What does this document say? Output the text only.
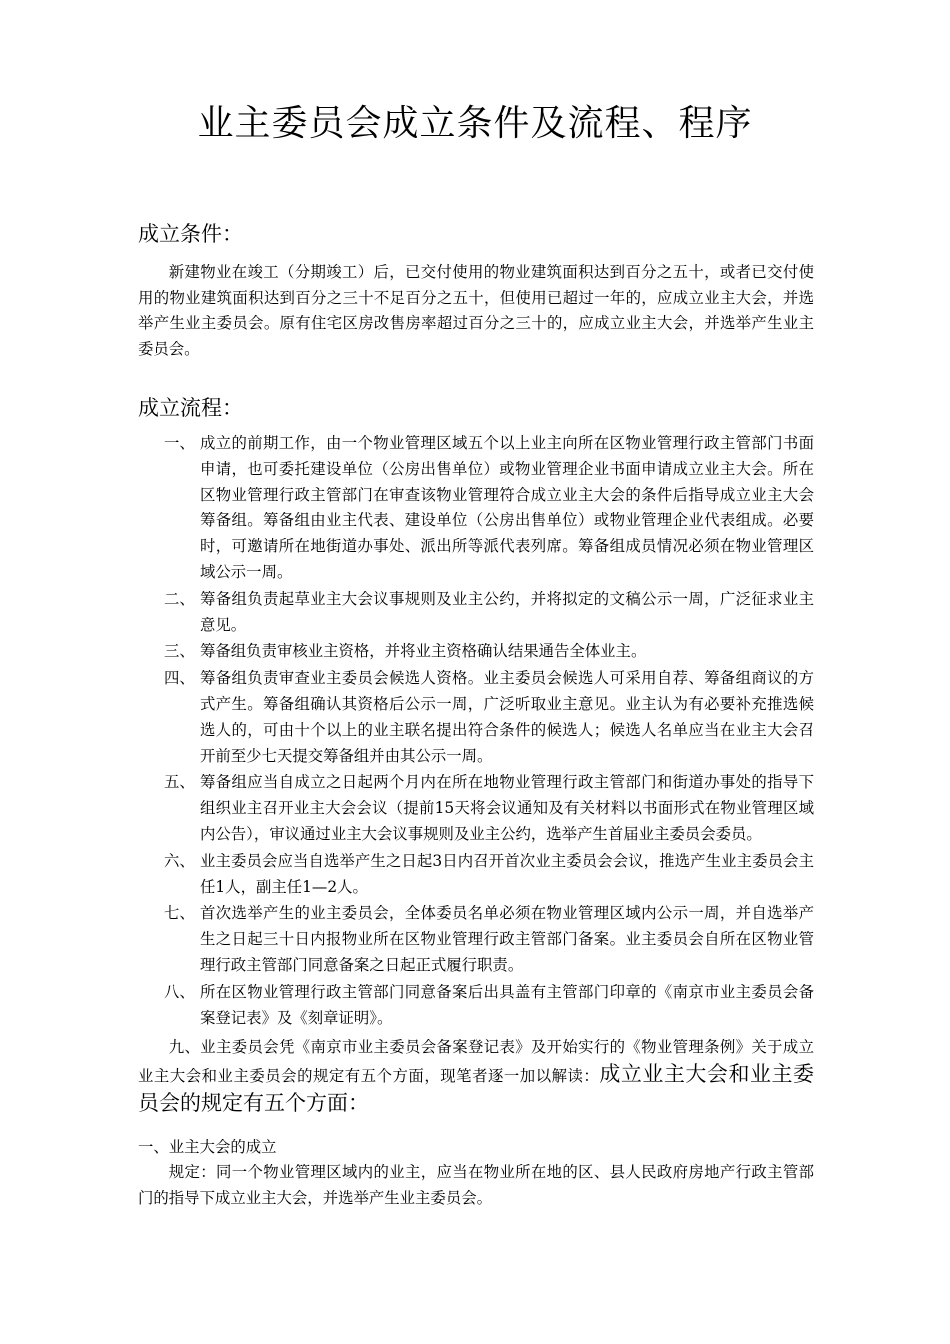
业主委员会成立条件及流程、程序
成立条件：
新建物业在竣工（分期竣工）后，已交付使用的物业建筑面积达到百分之五十，或者已交付使用的物业建筑面积达到百分之三十不足百分之五十，但使用已超过一年的，应成立业主大会，并选举产生业主委员会。原有住宅区房改售房率超过百分之三十的，应成立业主大会，并选举产生业主委员会。
成立流程：
一、 成立的前期工作，由一个物业管理区域五个以上业主向所在区物业管理行政主管部门书面申请，也可委托建设单位（公房出售单位）或物业管理企业书面申请成立业主大会。所在区物业管理行政主管部门在审查该物业管理符合成立业主大会的条件后指导成立业主大会筹备组。筹备组由业主代表、建设单位（公房出售单位）或物业管理企业代表组成。必要时，可邀请所在地街道办事处、派出所等派代表列席。筹备组成员情况必须在物业管理区域公示一周。
二、 筹备组负责起草业主大会议事规则及业主公约，并将拟定的文稿公示一周，广泛征求业主意见。
三、 筹备组负责审核业主资格，并将业主资格确认结果通告全体业主。
四、 筹备组负责审查业主委员会候选人资格。业主委员会候选人可采用自荐、筹备组商议的方式产生。筹备组确认其资格后公示一周，广泛听取业主意见。业主认为有必要补充推选候选人的，可由十个以上的业主联名提出符合条件的候选人；候选人名单应当在业主大会召开前至少七天提交筹备组并由其公示一周。
五、 筹备组应当自成立之日起两个月内在所在地物业管理行政主管部门和街道办事处的指导下组织业主召开业主大会会议（提前15天将会议通知及有关材料以书面形式在物业管理区域内公告），审议通过业主大会议事规则及业主公约，选举产生首届业主委员会委员。
六、 业主委员会应当自选举产生之日起3日内召开首次业主委员会会议，推选产生业主委员会主任1人，副主任1—2人。
七、 首次选举产生的业主委员会，全体委员名单必须在物业管理区域内公示一周，并自选举产生之日起三十日内报物业所在区物业管理行政主管部门备案。业主委员会自所在区物业管理行政主管部门同意备案之日起正式履行职责。
八、 所在区物业管理行政主管部门同意备案后出具盖有主管部门印章的《南京市业主委员会备案登记表》及《刻章证明》。
九、业主委员会凭《南京市业主委员会备案登记表》及开始实行的《物业管理条例》关于成立业主大会和业主委员会的规定有五个方面，现笔者逐一加以解读：成立业主大会和业主委员会的规定有五个方面：
一、业主大会的成立
规定：同一个物业管理区域内的业主，应当在物业所在地的区、县人民政府房地产行政主管部门的指导下成立业主大会，并选举产生业主委员会。
